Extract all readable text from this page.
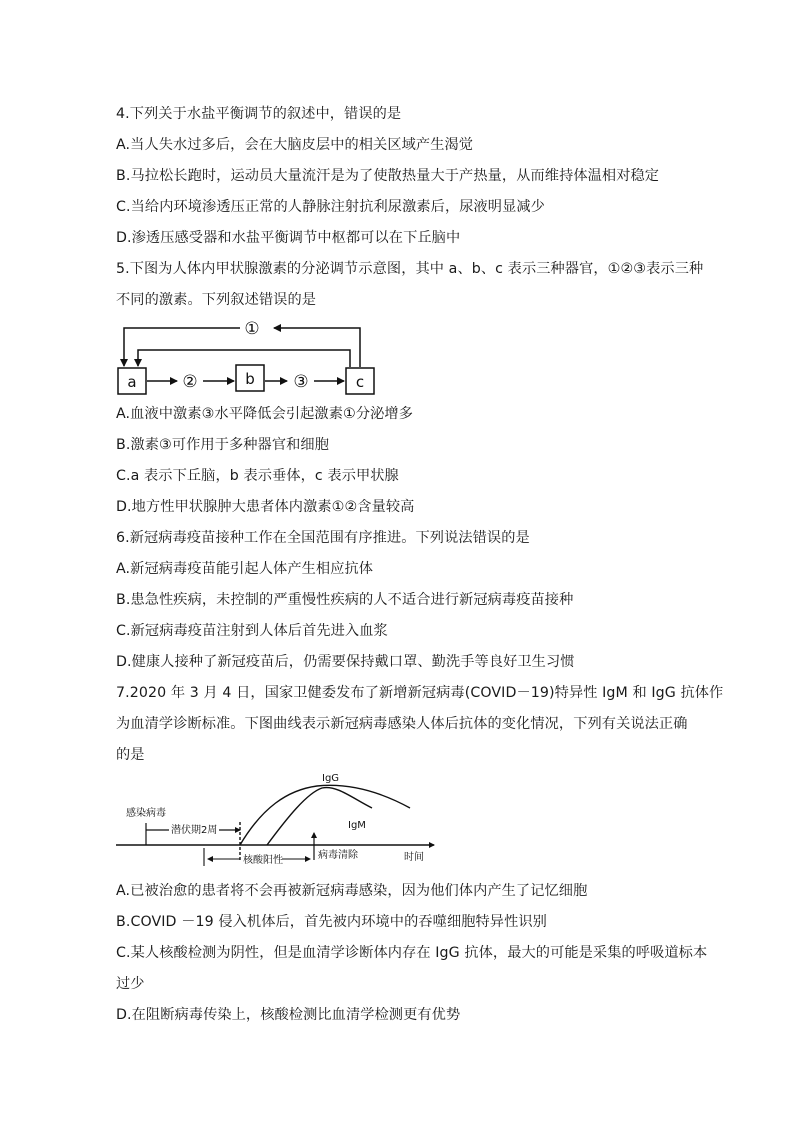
4.下列关于水盐平衡调节的叙述中，错误的是
A.当人失水过多后，会在大脑皮层中的相关区域产生渴觉
B.马拉松长跑时，运动员大量流汗是为了使散热量大于产热量，从而维持体温相对稳定
C.当给内环境渗透压正常的人静脉注射抗利尿激素后，尿液明显减少
D.渗透压感受器和水盐平衡调节中枢都可以在下丘脑中
5.下图为人体内甲状腺激素的分泌调节示意图，其中 a、b、c 表示三种器官，①②③表示三种
不同的激素。下列叙述错误的是
a	b	c
②	③
①
A.血液中激素③水平降低会引起激素①分泌增多
B.激素③可作用于多种器官和细胞
C.a 表示下丘脑，b 表示垂体，c 表示甲状腺
D.地方性甲状腺肿大患者体内激素①②含量较高
6.新冠病毒疫苗接种工作在全国范围有序推进。下列说法错误的是
A.新冠病毒疫苗能引起人体产生相应抗体
B.患急性疾病，未控制的严重慢性疾病的人不适合进行新冠病毒疫苗接种
C.新冠病毒疫苗注射到人体后首先进入血浆
D.健康人接种了新冠疫苗后，仍需要保持戴口罩、勤洗手等良好卫生习惯
7.2020 年 3 月 4 日，国家卫健委发布了新增新冠病毒(COVID－19)特异性 IgM 和 IgG 抗体作
为血清学诊断标准。下图曲线表示新冠病毒感染人体后抗体的变化情况，下列有关说法正确
的是
感染病毒
时间
潜伏期2周
IgG
IgM
病毒清除
核酸阳性
A.已被治愈的患者将不会再被新冠病毒感染，因为他们体内产生了记忆细胞
B.COVID －19 侵入机体后，首先被内环境中的吞噬细胞特异性识别
C.某人核酸检测为阴性，但是血清学诊断体内存在 IgG 抗体，最大的可能是采集的呼吸道标本
过少
D.在阻断病毒传染上，核酸检测比血清学检测更有优势
